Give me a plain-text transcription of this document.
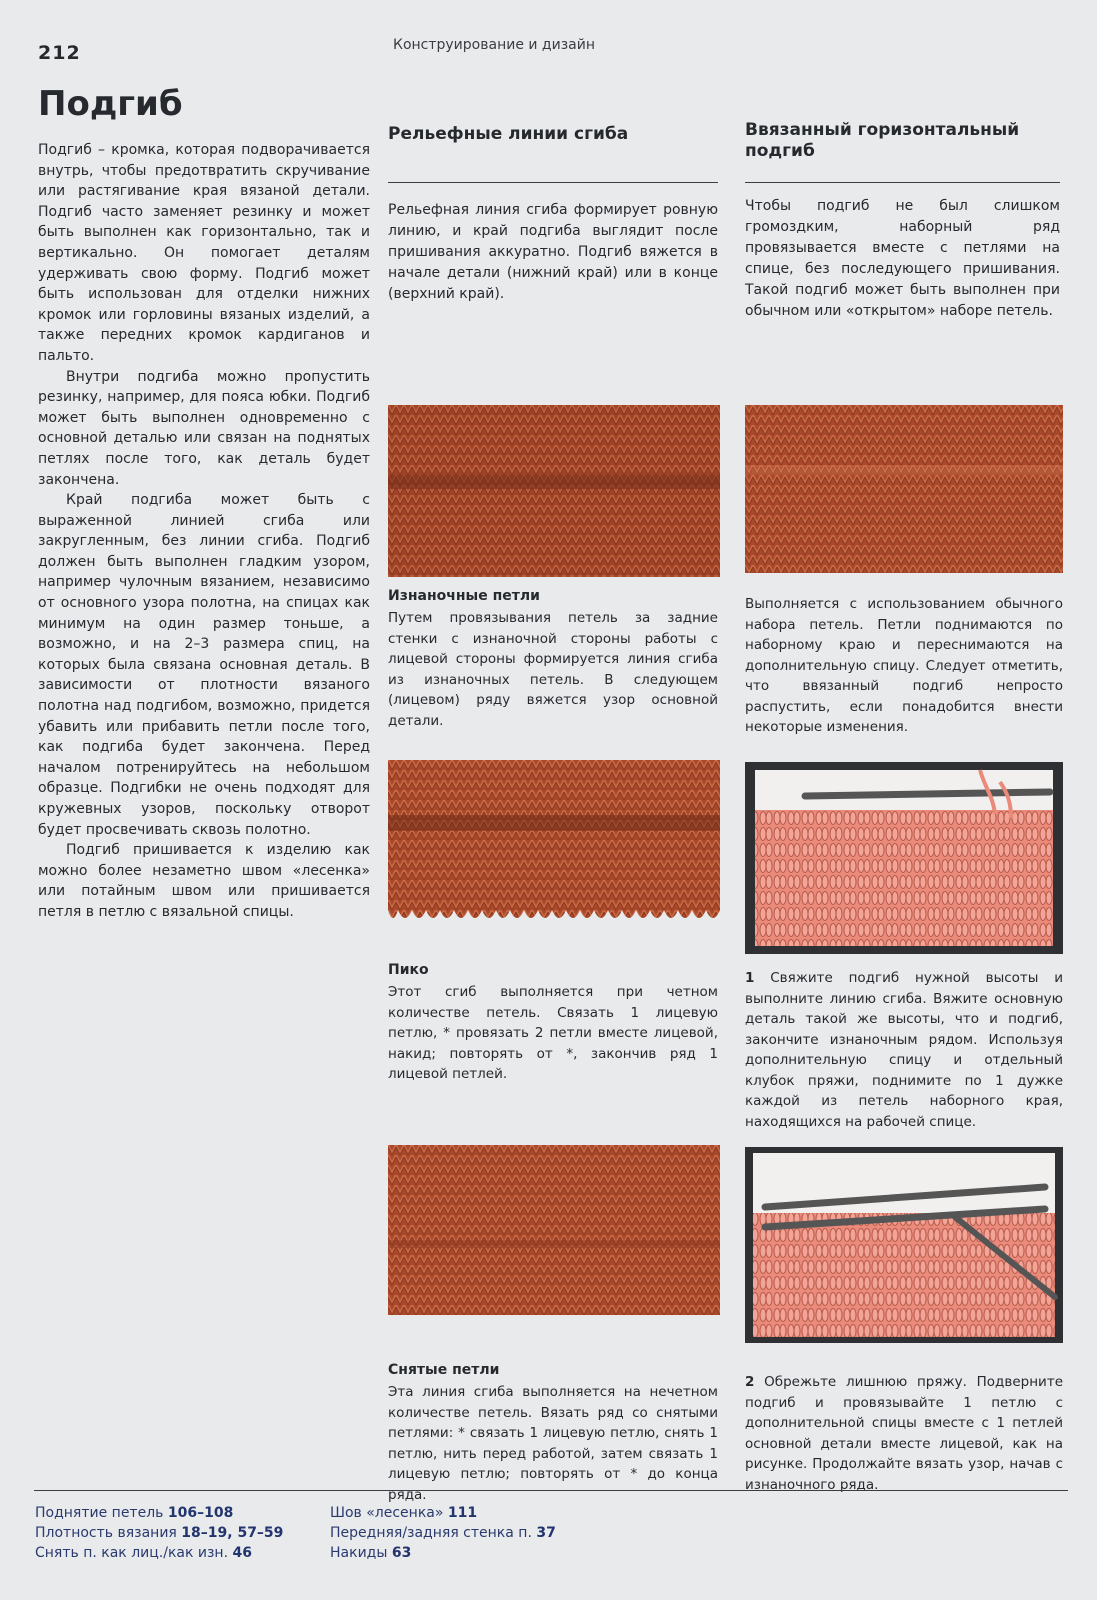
212	Конструирование и дизайн
Подгиб

Подгиб – кромка, которая подворачивается внутрь, чтобы предотвратить скручивание или растягивание края вязаной детали. Подгиб часто заменяет резинку и может быть выполнен как горизонтально, так и вертикально. Он помогает деталям удерживать свою форму. Подгиб может быть использован для отделки нижних кромок или горловины вязаных изделий, а также передних кромок кардиганов и пальто.

Внутри подгиба можно пропустить резинку, например, для пояса юбки. Подгиб может быть выполнен одновременно с основной деталью или связан на поднятых петлях после того, как деталь будет закончена.

Край подгиба может быть с выраженной линией сгиба или закругленным, без линии сгиба. Подгиб должен быть выполнен гладким узором, например чулочным вязанием, независимо от основного узора полотна, на спицах как минимум на один размер тоньше, а возможно, и на 2–3 размера спиц, на которых была связана основная деталь. В зависимости от плотности вязаного полотна над подгибом, возможно, придется убавить или прибавить петли после того, как подгиба будет закончена. Перед началом потренируйтесь на небольшом образце. Подгибки не очень подходят для кружевных узоров, поскольку отворот будет просвечивать сквозь полотно.

Подгиб пришивается к изделию как можно более незаметно швом «лесенка» или потайным швом или пришивается петля в петлю с вязальной спицы.

Рельефные линии сгиба

Рельефная линия сгиба формирует ровную линию, и край подгиба выглядит после пришивания аккуратно. Подгиб вяжется в начале детали (нижний край) или в конце (верхний край).

Изнаночные петли

Путем провязывания петель за задние стенки с изнаночной стороны работы с лицевой стороны формируется линия сгиба из изнаночных петель. В следующем (лицевом) ряду вяжется узор основной детали.

Пико

Этот сгиб выполняется при четном количестве петель. Связать 1 лицевую петлю, * провязать 2 петли вместе лицевой, накид; повторять от *, закончив ряд 1 лицевой петлей.

Снятые петли

Эта линия сгиба выполняется на нечетном количестве петель. Вязать ряд со снятыми петлями: * связать 1 лицевую петлю, снять 1 петлю, нить перед работой, затем связать 1 лицевую петлю; повторять от * до конца ряда.

Ввязанный горизонтальный подгиб

Чтобы подгиб не был слишком громоздким, наборный ряд провязывается вместе с петлями на спице, без последующего пришивания. Такой подгиб может быть выполнен при обычном или «открытом» наборе петель.

Выполняется с использованием обычного набора петель. Петли поднимаются по наборному краю и переснимаются на дополнительную спицу. Следует отметить, что ввязанный подгиб непросто распустить, если понадобится внести некоторые изменения.

1 Свяжите подгиб нужной высоты и выполните линию сгиба. Вяжите основную деталь такой же высоты, что и подгиб, закончите изнаночным рядом. Используя дополнительную спицу и отдельный клубок пряжи, поднимите по 1 дужке каждой из петель наборного края, находящихся на рабочей спице.

2 Обрежьте лишнюю пряжу. Подверните подгиб и провязывайте 1 петлю с дополнительной спицы вместе с 1 петлей основной детали вместе лицевой, как на рисунке. Продолжайте вязать узор, начав с изнаночного ряда.

Поднятие петель 106–108
Плотность вязания 18–19, 57–59
Снять п. как лиц./как изн. 46
Шов «лесенка» 111
Передняя/задняя стенка п. 37
Накиды 63
